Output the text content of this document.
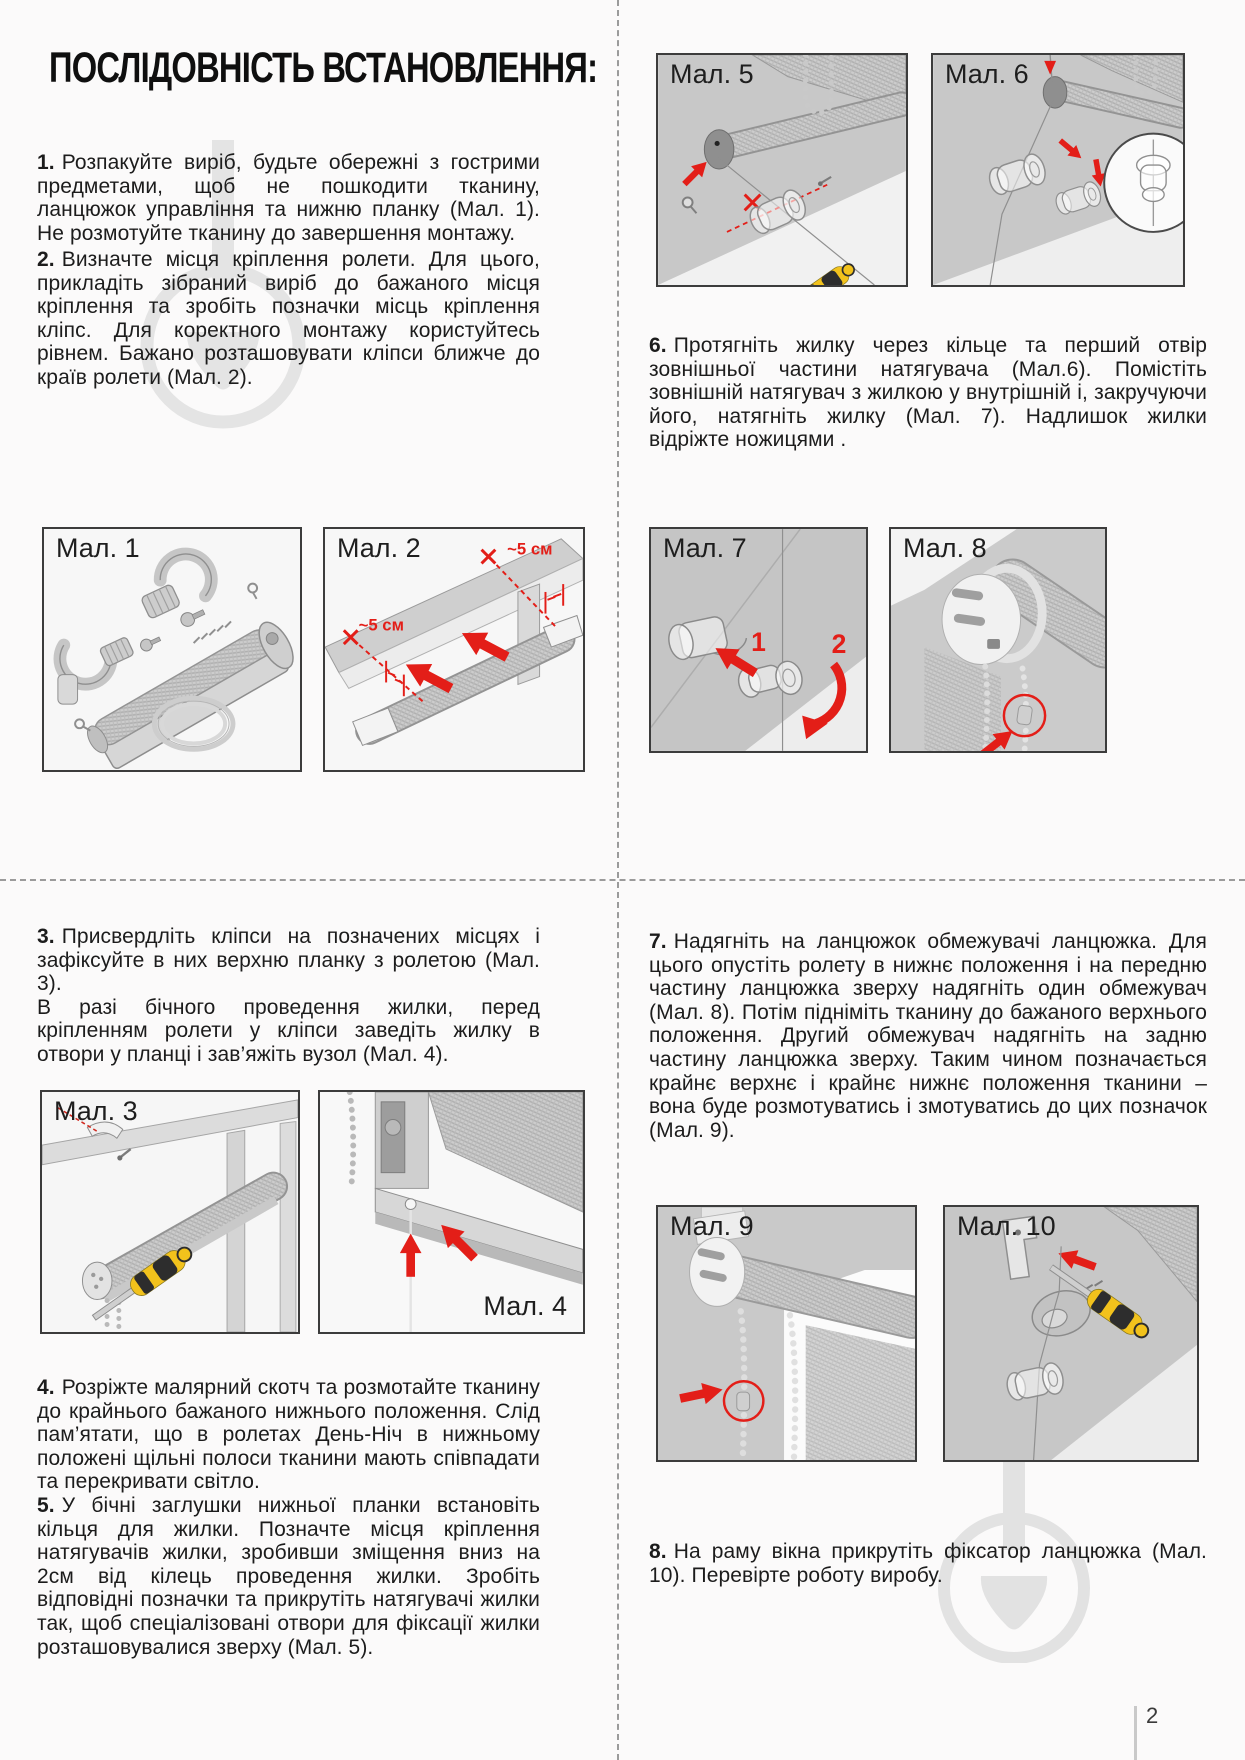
ПОСЛІДОВНІСТЬ ВСТАНОВЛЕННЯ:
1. Розпакуйте виріб, будьте обережні з гострими предметами, щоб не пошкодити тканину, ланцюжок управління та нижню планку (Мал. 1). Не розмотуйте тканину до завершення монтажу.
2. Визначте місця кріплення ролети. Для цього, прикладіть зібраний виріб до бажаного місця кріплення та зробіть позначки місць кріплення кліпс. Для коректного монтажу користуйтесь рівнем. Бажано розташовувати кліпси ближче до країв ролети (Мал. 2).
3. Присвердліть кліпси на позначених місцях і зафіксуйте в них верхню планку з ролетою (Мал. 3).
В разі бічного проведення жилки, перед кріпленням ролети у кліпси заведіть жилку в отвори у планці і зав’яжіть вузол (Мал. 4).
4. Розріжте малярний скотч та розмотайте тканину до крайнього бажаного нижнього положення. Слід пам’ятати, що в ролетах День-Ніч в нижньому положені щільні полоси тканини мають співпадати та перекривати світло.
5. У бічні заглушки нижньої планки встановіть кільця для жилки. Позначте місця кріплення натягувачів жилки, зробивши зміщення вниз на 2см від кілець проведення жилки. Зробіть відповідні позначки та прикрутіть натягувачі жилки так, щоб спеціалізовані отвори для фіксації жилки розташовувалися зверху (Мал. 5).
6. Протягніть жилку через кільце та перший отвір зовнішньої частини натягувача (Мал.6). Помістіть зовнішній натягувач з жилкою у внутрішній і, закручуючи його, натягніть жилку (Мал. 7). Надлишок жилки відріжте ножицями .
7. Надягніть на ланцюжок обмежувачі ланцюжка. Для цього опустіть ролету в нижнє положення і на передню частину ланцюжка зверху надягніть один обмежувач (Мал. 8). Потім підніміть тканину до бажаного верхнього положення. Другий обмежувач надягніть на задню частину ланцюжка зверху. Таким чином позначається крайнє верхнє і крайнє нижнє положення тканини – вона буде розмотуватись і змотуватись до цих позначок (Мал. 9).
8. На раму вікна прикрутіть фіксатор ланцюжка (Мал. 10). Перевірте роботу виробу.
Мал. 1	~5 см
~5 см
Мал. 2
Мал. 3
Мал. 4
Мал. 5	Мал. 6
1 2
Мал. 7	Мал. 8
Мал. 9	Мал. 10
2
